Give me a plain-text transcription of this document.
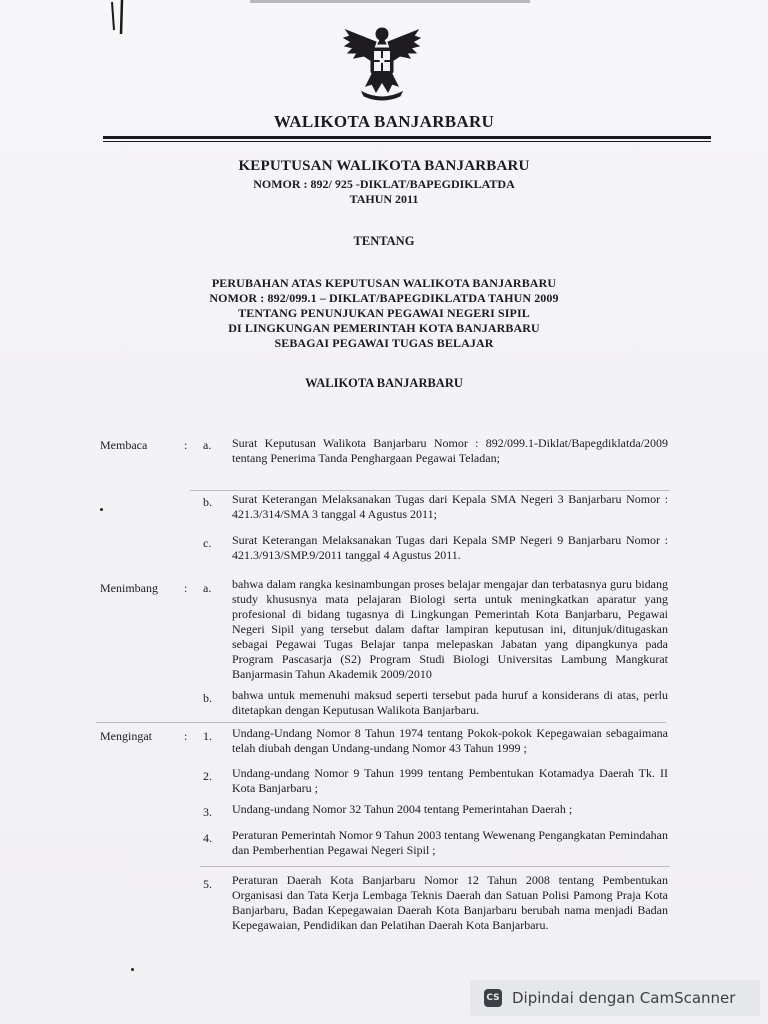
WALIKOTA BANJARBARU
KEPUTUSAN WALIKOTA BANJARBARU
NOMOR : 892/ ୨25 -DIKLAT/BAPEGDIKLATDA
TAHUN 2011
TENTANG
PERUBAHAN ATAS KEPUTUSAN WALIKOTA BANJARBARU
NOMOR : 892/099.1 – DIKLAT/BAPEGDIKLATDA TAHUN 2009
TENTANG PENUNJUKAN PEGAWAI NEGERI SIPIL
DI LINGKUNGAN PEMERINTAH KOTA BANJARBARU
SEBAGAI PEGAWAI TUGAS BELAJAR
WALIKOTA BANJARBARU
Membaca	: a. Surat Keputusan Walikota Banjarbaru Nomor : 892/099.1-Diklat/Bapegdiklatda/2009 tentang Penerima Tanda Penghargaan Pegawai Teladan;
b. Surat Keterangan Melaksanakan Tugas dari Kepala SMA Negeri 3 Banjarbaru Nomor : 421.3/314/SMA 3 tanggal 4 Agustus 2011;
c. Surat Keterangan Melaksanakan Tugas dari Kepala SMP Negeri 9 Banjarbaru Nomor : 421.3/913/SMP.9/2011 tanggal 4 Agustus 2011.
Menimbang : a. bahwa dalam rangka kesinambungan proses belajar mengajar dan terbatasnya guru bidang study khususnya mata pelajaran Biologi serta untuk meningkatkan aparatur yang profesional di bidang tugasnya di Lingkungan Pemerintah Kota Banjarbaru, Pegawai Negeri Sipil yang tersebut dalam daftar lampiran keputusan ini, ditunjuk/ditugaskan sebagai Pegawai Tugas Belajar tanpa melepaskan Jabatan yang dipangkunya pada Program Pascasarja (S2) Program Studi Biologi Universitas Lambung Mangkurat Banjarmasin Tahun Akademik 2009/2010
b. bahwa untuk memenuhi maksud seperti tersebut pada huruf a konsiderans di atas, perlu ditetapkan dengan Keputusan Walikota Banjarbaru.
Mengingat	: 1. Undang-Undang Nomor 8 Tahun 1974 tentang Pokok-pokok Kepegawaian sebagaimana telah diubah dengan Undang-undang Nomor 43 Tahun 1999 ;
2. Undang-undang Nomor 9 Tahun 1999 tentang Pembentukan Kotamadya Daerah Tk. II Kota Banjarbaru ;
3. Undang-undang Nomor 32 Tahun 2004 tentang Pemerintahan Daerah ;
4. Peraturan Pemerintah Nomor 9 Tahun 2003 tentang Wewenang Pengangkatan Pemindahan dan Pemberhentian Pegawai Negeri Sipil ;
5. Peraturan Daerah Kota Banjarbaru Nomor 12 Tahun 2008 tentang Pembentukan Organisasi dan Tata Kerja Lembaga Teknis Daerah dan Satuan Polisi Pamong Praja Kota Banjarbaru, Badan Kepegawaian Daerah Kota Banjarbaru berubah nama menjadi Badan Kepegawaian, Pendidikan dan Pelatihan Daerah Kota Banjarbaru.
CS Dipindai dengan CamScanner
